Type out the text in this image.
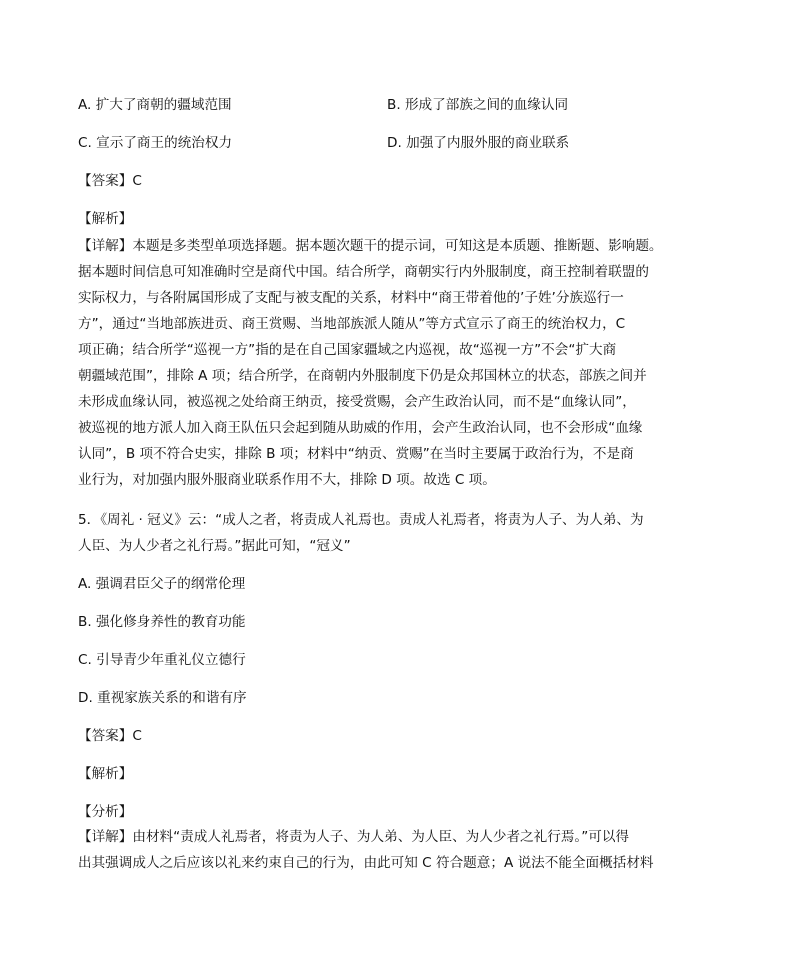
A. 扩大了商朝的疆域范围	B. 形成了部族之间的血缘认同
C. 宣示了商王的统治权力	D. 加强了内服外服的商业联系
【答案】C
【解析】
【详解】本题是多类型单项选择题。据本题次题干的提示词，可知这是本质题、推断题、影响题。
据本题时间信息可知准确时空是商代中国。结合所学，商朝实行内外服制度，商王控制着联盟的
实际权力，与各附属国形成了支配与被支配的关系，材料中“商王带着他的’子姓’分族巡行一
方”，通过“当地部族进贡、商王赏赐、当地部族派人随从”等方式宣示了商王的统治权力，C
项正确；结合所学“巡视一方”指的是在自己国家疆域之内巡视，故“巡视一方”不会“扩大商
朝疆域范围”，排除 A 项；结合所学，在商朝内外服制度下仍是众邦国林立的状态，部族之间并
未形成血缘认同，被巡视之处给商王纳贡，接受赏赐，会产生政治认同，而不是“血缘认同”，
被巡视的地方派人加入商王队伍只会起到随从助威的作用，会产生政治认同，也不会形成“血缘
认同”，B 项不符合史实，排除 B 项；材料中“纳贡、赏赐”在当时主要属于政治行为，不是商
业行为，对加强内服外服商业联系作用不大，排除 D 项。故选 C 项。
5．《周礼 · 冠义》云：“成人之者，将责成人礼焉也。责成人礼焉者，将责为人子、为人弟、为
人臣、为人少者之礼行焉。”据此可知，“冠义”
A. 强调君臣父子的纲常伦理
B. 强化修身养性的教育功能
C. 引导青少年重礼仪立德行
D. 重视家族关系的和谐有序
【答案】C
【解析】
【分析】
【详解】由材料“责成人礼焉者，将责为人子、为人弟、为人臣、为人少者之礼行焉。”可以得
出其强调成人之后应该以礼来约束自己的行为，由此可知 C 符合题意；A 说法不能全面概括材料
